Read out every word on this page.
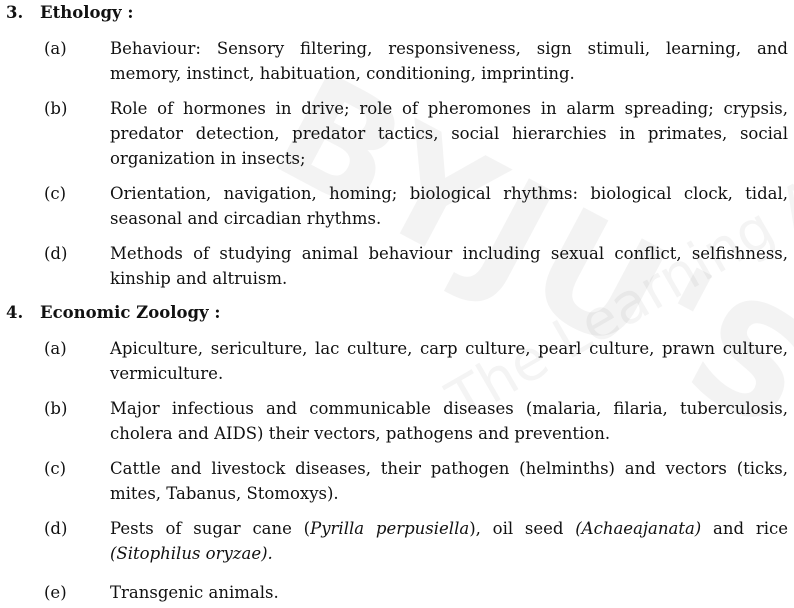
3. Ethology :
(a)	Behaviour: Sensory filtering, responsiveness, sign stimuli, learning, and memory, instinct, habituation, conditioning, imprinting.
(b)	Role of hormones in drive; role of pheromones in alarm spreading; crypsis, predator detection, predator tactics, social hierarchies in primates, social organization in insects;
(c)	Orientation, navigation, homing; biological rhythms: biological clock, tidal, seasonal and circadian rhythms.
(d)	Methods of studying animal behaviour including sexual conflict, selfishness, kinship and altruism.
4. Economic Zoology :
(a)	Apiculture, sericulture, lac culture, carp culture, pearl culture, prawn culture, vermiculture.
(b)	Major infectious and communicable diseases (malaria, filaria, tuberculosis, cholera and AIDS) their vectors, pathogens and prevention.
(c)	Cattle and livestock diseases, their pathogen (helminths) and vectors (ticks, mites, Tabanus, Stomoxys).
(d)	Pests of sugar cane (Pyrilla perpusiella), oil seed (Achaeajanata) and rice (Sitophilus oryzae).
(e)	Transgenic animals.
